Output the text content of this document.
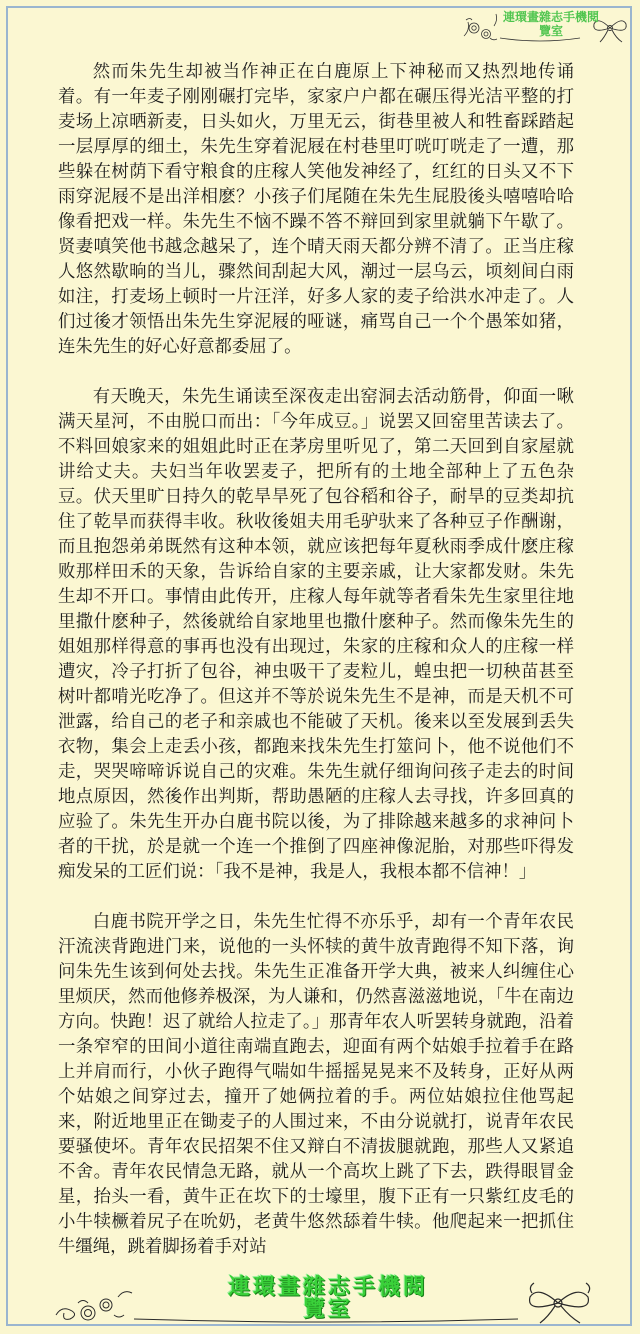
連環畫雜志手機閱
覽室

然而朱先生却被当作神正在白鹿原上下神秘而又热烈地传诵着。有一年麦子刚刚碾打完毕，家家户户都在碾压得光洁平整的打麦场上凉晒新麦，日头如火，万里无云，街巷里被人和牲畜踩踏起一层厚厚的细土，朱先生穿着泥屐在村巷里叮咣叮咣走了一遭，那些躲在树荫下看守粮食的庄稼人笑他发神经了，红红的日头又不下雨穿泥屐不是出洋相麽？小孩子们尾随在朱先生屁股後头嘻嘻哈哈像看把戏一样。朱先生不恼不躁不答不辩回到家里就躺下午歇了。贤妻嗔笑他书越念越呆了，连个晴天雨天都分辨不清了。正当庄稼人悠然歇晌的当儿，骤然间刮起大风，潮过一层乌云，顷刻间白雨如注，打麦场上顿时一片汪洋，好多人家的麦子给洪水冲走了。人们过後才领悟出朱先生穿泥屐的哑谜，痛骂自己一个个愚笨如猪，连朱先生的好心好意都委屈了。

有天晚天，朱先生诵读至深夜走出窑洞去活动筋骨，仰面一啾满天星河，不由脱口而出：「今年成豆。」说罢又回窑里苦读去了。不料回娘家来的姐姐此时正在茅房里听见了，第二天回到自家屋就讲给丈夫。夫妇当年收罢麦子，把所有的土地全部种上了五色杂豆。伏天里旷日持久的乾旱旱死了包谷稻和谷子，耐旱的豆类却抗住了乾旱而获得丰收。秋收後姐夫用毛驴驮来了各种豆子作酬谢，而且抱怨弟弟既然有这种本领，就应该把每年夏秋雨季成什麽庄稼败那样田禾的天象，告诉给自家的主要亲戚，让大家都发财。朱先生却不开口。事情由此传开，庄稼人每年就等者看朱先生家里往地里撒什麽种子，然後就给自家地里也撒什麽种子。然而像朱先生的姐姐那样得意的事再也没有出现过，朱家的庄稼和众人的庄稼一样遭灾，冷子打折了包谷，神虫吸干了麦粒儿，蝗虫把一切秧苗甚至树叶都啃光吃净了。但这并不等於说朱先生不是神，而是天机不可泄露，给自己的老子和亲戚也不能破了天机。後来以至发展到丢失衣物，集会上走丢小孩，都跑来找朱先生打筮问卜，他不说他们不走，哭哭啼啼诉说自己的灾难。朱先生就仔细询问孩子走去的时间地点原因，然後作出判斯，帮助愚陋的庄稼人去寻找，许多回真的应验了。朱先生开办白鹿书院以後，为了排除越来越多的求神问卜者的干扰，於是就一个连一个推倒了四座神像泥胎，对那些吓得发痴发呆的工匠们说：「我不是神，我是人，我根本都不信神！」

白鹿书院开学之日，朱先生忙得不亦乐乎，却有一个青年农民汗流浃背跑进门来，说他的一头怀犊的黄牛放青跑得不知下落，询问朱先生该到何处去找。朱先生正准备开学大典，被来人纠缠住心里烦厌，然而他修养极深，为人谦和，仍然喜滋滋地说，「牛在南边方向。快跑！迟了就给人拉走了。」那青年农人听罢转身就跑，沿着一条窄窄的田间小道往南端直跑去，迎面有两个姑娘手拉着手在路上并肩而行，小伙子跑得气喘如牛摇摇晃晃来不及转身，正好从两个姑娘之间穿过去，撞开了她俩拉着的手。两位姑娘拉住他骂起来，附近地里正在锄麦子的人围过来，不由分说就打，说青年农民要骚使坏。青年农民招架不住又辩白不清拔腿就跑，那些人又紧追不舍。青年农民情急无路，就从一个高坎上跳了下去，跌得眼冒金星，抬头一看，黄牛正在坎下的士壕里，腹下正有一只紫红皮毛的小牛犊橛着尻子在吮奶，老黄牛悠然舔着牛犊。他爬起来一把抓住牛缰绳，跳着脚扬着手对站

連環畫雜志手機閱
覽室
